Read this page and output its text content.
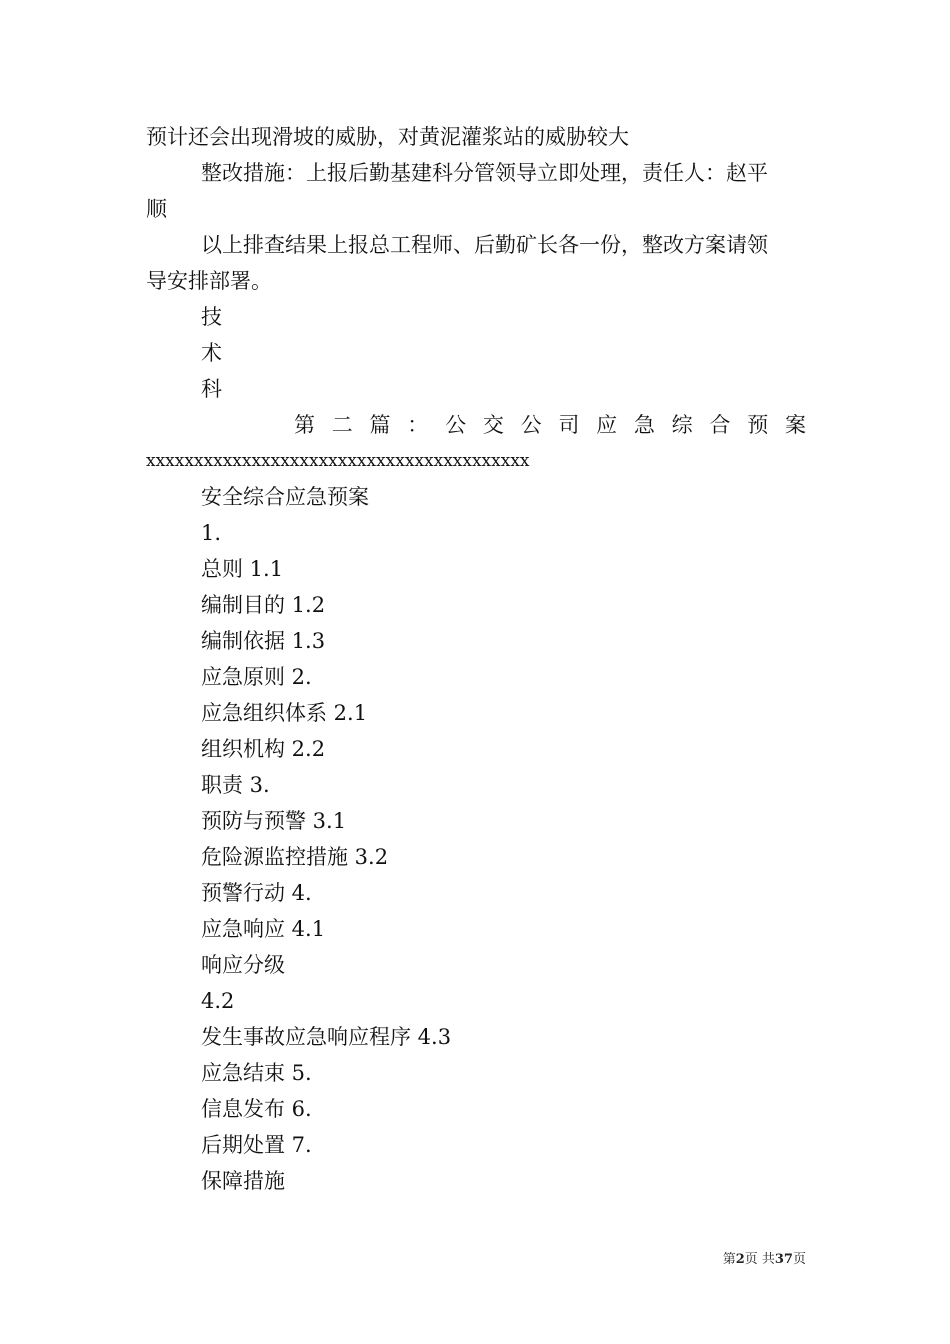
预计还会出现滑坡的威胁，对黄泥灌浆站的威胁较大
整改措施：上报后勤基建科分管领导立即处理，责任人：赵平
顺
以上排查结果上报总工程师、后勤矿长各一份，整改方案请领
导安排部署。
技
术
科
第 二 篇 ： 公 交 公 司 应 急 综 合 预 案
xxxxxxxxxxxxxxxxxxxxxxxxxxxxxxxxxxxxxxxx
安全综合应急预案
1.
总则 1.1
编制目的 1.2
编制依据 1.3
应急原则 2.
应急组织体系 2.1
组织机构 2.2
职责 3.
预防与预警 3.1
危险源监控措施 3.2
预警行动 4.
应急响应 4.1
响应分级
4.2
发生事故应急响应程序 4.3
应急结束 5.
信息发布 6.
后期处置 7.
保障措施
第2页 共37页
